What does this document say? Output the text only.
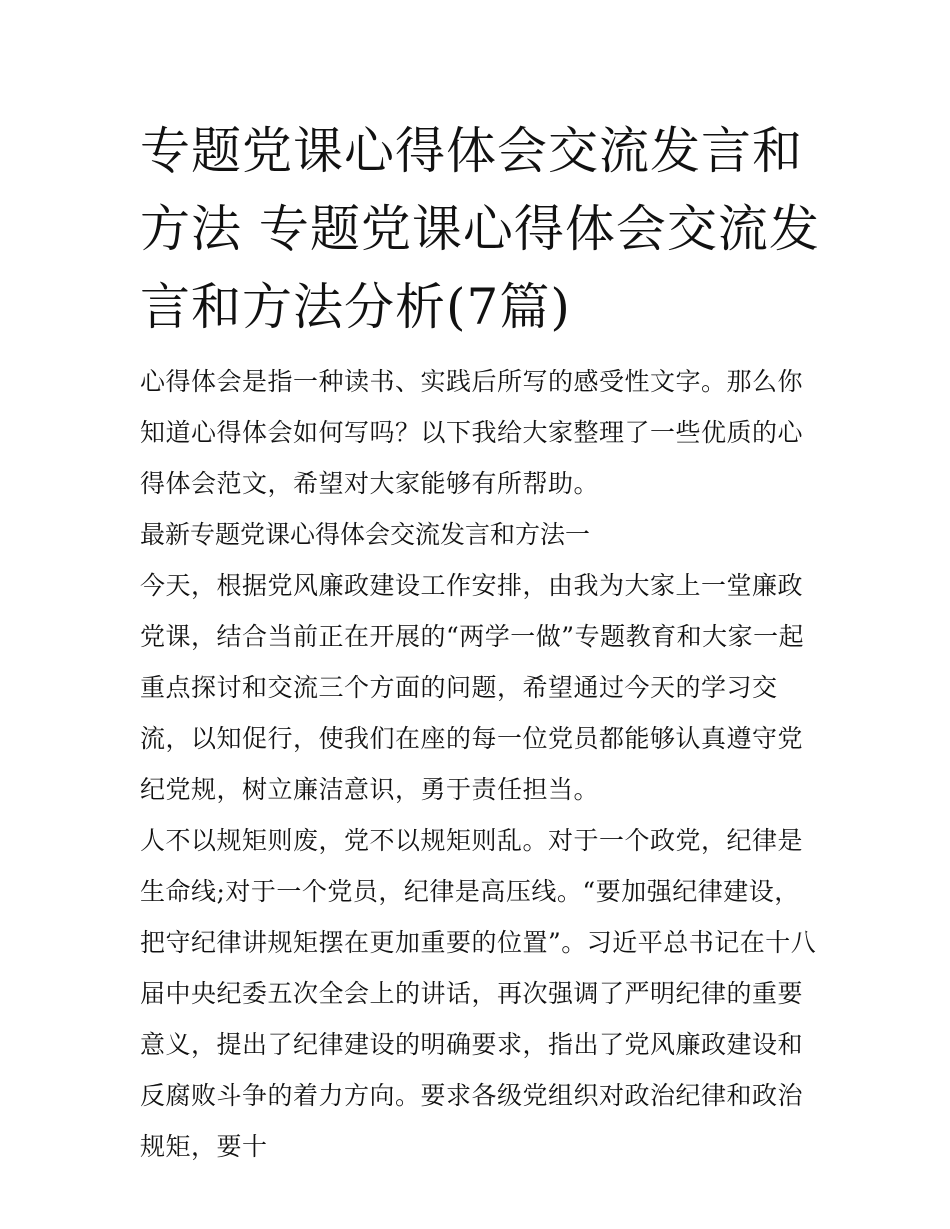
专题党课心得体会交流发言和方法 专题党课心得体会交流发言和方法分析(7篇)

心得体会是指一种读书、实践后所写的感受性文字。那么你知道心得体会如何写吗？以下我给大家整理了一些优质的心得体会范文，希望对大家能够有所帮助。

最新专题党课心得体会交流发言和方法一

今天，根据党风廉政建设工作安排，由我为大家上一堂廉政党课，结合当前正在开展的“两学一做”专题教育和大家一起重点探讨和交流三个方面的问题，希望通过今天的学习交流，以知促行，使我们在座的每一位党员都能够认真遵守党纪党规，树立廉洁意识，勇于责任担当。

人不以规矩则废，党不以规矩则乱。对于一个政党，纪律是生命线;对于一个党员，纪律是高压线。“要加强纪律建设，把守纪律讲规矩摆在更加重要的位置”。习近平总书记在十八届中央纪委五次全会上的讲话，再次强调了严明纪律的重要意义，提出了纪律建设的明确要求，指出了党风廉政建设和反腐败斗争的着力方向。要求各级党组织对政治纪律和政治规矩，要十
